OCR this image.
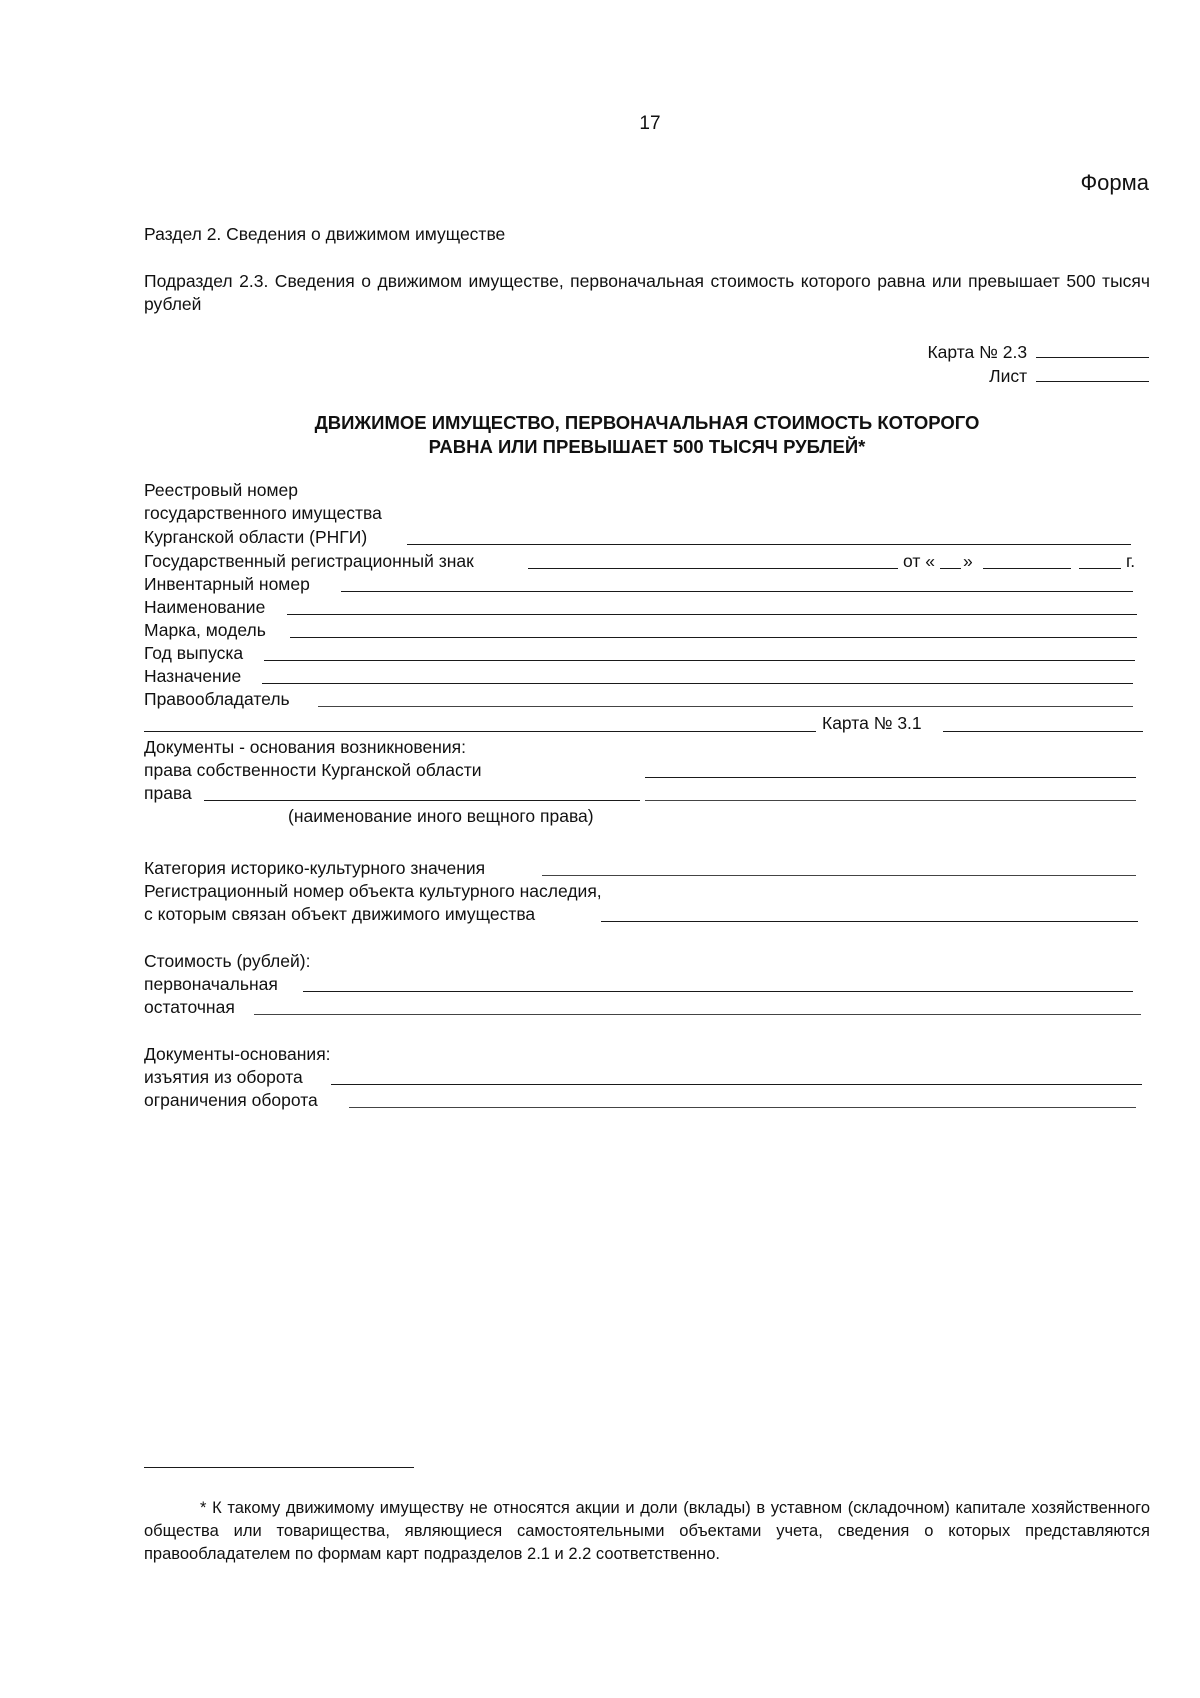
17
Форма
Раздел 2. Сведения о движимом имуществе
Подраздел 2.3. Сведения о движимом имуществе, первоначальная стоимость которого равна или превышает 500 тысяч рублей
Карта № 2.3
Лист
ДВИЖИМОЕ ИМУЩЕСТВО, ПЕРВОНАЧАЛЬНАЯ СТОИМОСТЬ КОТОРОГО
РАВНА ИЛИ ПРЕВЫШАЕТ 500 ТЫСЯЧ РУБЛЕЙ*
Реестровый номер
государственного имущества
Курганской области (РНГИ)
Государственный регистрационный знак	от « »	г.
Инвентарный номер
Наименование
Марка, модель
Год выпуска
Назначение
Правообладатель
Карта № 3.1
Документы - основания возникновения:
права собственности Курганской области
права
(наименование иного вещного права)
Категория историко-культурного значения
Регистрационный номер объекта культурного наследия,
с которым связан объект движимого имущества
Стоимость (рублей):
первоначальная
остаточная
Документы-основания:
изъятия из оборота
ограничения оборота
* К такому движимому имуществу не относятся акции и доли (вклады) в уставном (складочном) капитале хозяйственного общества или товарищества, являющиеся самостоятельными объектами учета, сведения о которых представляются правообладателем по формам карт подразделов 2.1 и 2.2 соответственно.
